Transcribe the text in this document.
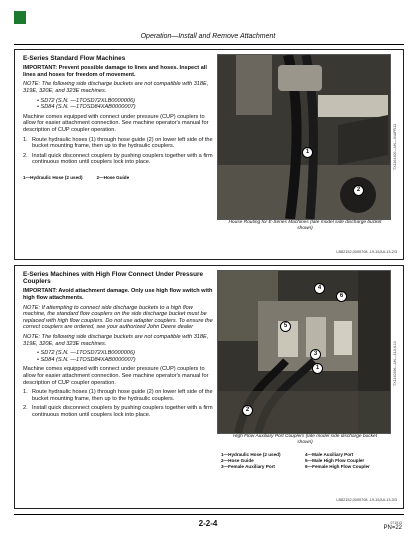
Operation—Install and Remove Attachment
E-Series Standard Flow Machines

IMPORTANT: Prevent possible damage to lines and hoses. Inspect all lines and hoses for freedom of movement.

NOTE: The following side discharge buckets are not compatible with 318E, 319E, 320E, and 323E machines.

• SD72 (S.N. —1TOSD72XLB0000006)
• SD84 (S.N. —1TOSD84XAB0000007)

Machine comes equipped with connect under pressure (CUP) couplers to allow for easier attachment connection. See machine operator's manual for description of CUP coupler operation.

1. Route hydraulic hoses (1) through hose guide (2) on lower left side of the bucket mounting frame, then up to the hydraulic couplers.
2. Install quick disconnect couplers by pushing couplers together with a firm continuous motion until couplers lock into place.
1—Hydraulic Hose (2 used)	2—Hose Guide
1
2
TX1164400—UN—04APR13
House Routing for E-Series Machines (late model side discharge bucket shown)
LB82152,0000708 -19-15JUL13-2/3
E-Series Machines with High Flow Connect Under Pressure Couplers

IMPORTANT: Avoid attachment damage. Only use high flow switch with high flow attachments.

NOTE: If attempting to connect side discharge buckets to a high flow machine, the standard flow couplers on the side discharge bucket must be replaced with high flow couplers. Do not use adapter couplers. To ensure the correct couplers are ordered, see your authorized John Deere dealer

NOTE: The following side discharge buckets are not compatible with 318E, 319E, 320E, and 323E machines.

• SD72 (S.N. —1TOSD72XLB0000006)
• SD84 (S.N. —1TOSD84XAB0000007)

Machine comes equipped with connect under pressure (CUP) couplers to allow for easier attachment connection. See machine operator's manual for description of CUP coupler operation.

1. Route hydraulic hoses (1) through hose guide (2) on lower left side of the bucket mounting frame, then up to the hydraulic couplers.
2. Install quick disconnect couplers by pushing couplers together with a firm continuous motion until couplers lock into place.
4
6
5
3
1
2
TX1140396—UN—11JUL13
High Flow Auxiliary Port Couplers (late model side discharge bucket shown)
1—Hydraulic Hose (2 used)
2—Hose Guide
3—Female Auxiliary Port
4—Male Auxiliary Port
5—Male High Flow Coupler
6—Female High Flow Coupler
LB82152,0000708 -19-15JUL13-3/3
2-2-4	071913
PN=22
